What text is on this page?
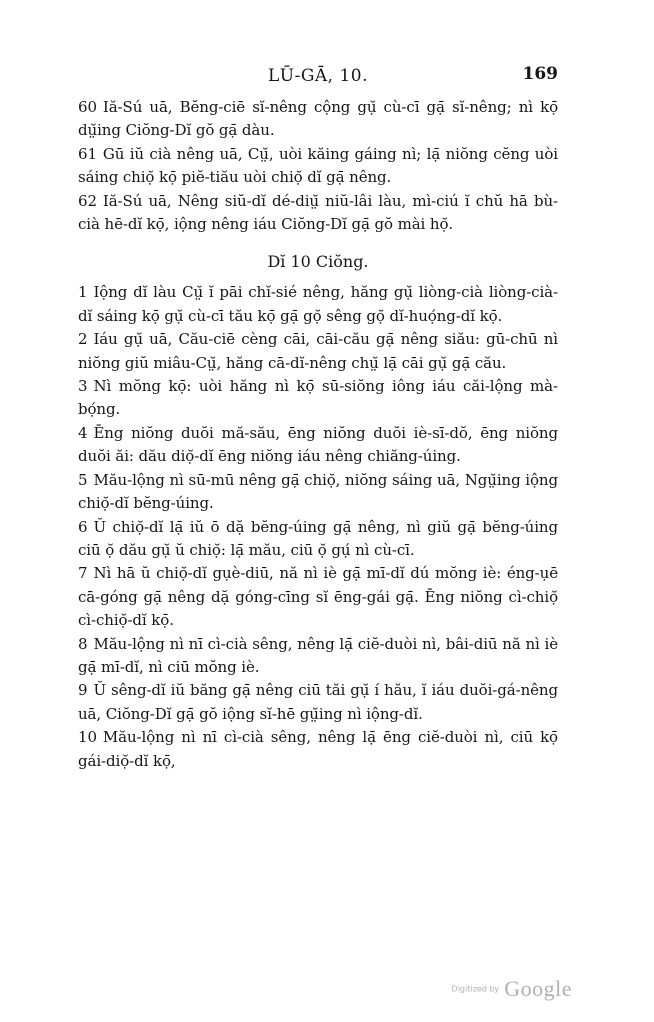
LŪ-GĀ, 10.	169

60 Iă-Sú uā, Bĕng-ciē sĭ-nêng cộng gụ̆ cù-cī gạ̄ sĭ-nêng; nì kọ̄ dṳ̆ing Ciŏng-Dĭ gŏ gạ̄ dàu.

61 Gū iŭ cià nêng uā, Cṳ̆, uòi kăing gáing nì; lạ̄ niŏng cĕng uòi sáing chiọ̆ kọ̄ piĕ-tiău uòi chiọ̆ dĭ gạ̄ nêng.

62 Iă-Sú uā, Nêng siŭ-dĭ dé-diṳ̆ niŭ-lâi làu, mì-ciú ĭ chŭ hā bù-cià hē-dĭ kọ̄, iộng nêng iáu Ciŏng-Dĭ gạ̄ gŏ mài họ̆.

Dĭ 10 Ciŏng.

1 Iộng dĭ làu Cṳ̆ ĭ pāi chĭ-sié nêng, hăng gụ̆ liòng-cià liòng-cià-dĭ sáing kọ̄ gụ̆ cù-cī tău kọ̄ gạ̄ gọ̆ sêng gọ̆ dĭ-huọ́ng-dĭ kọ̄.

2 Iáu gụ̆ uā, Cău-ciē cèng cāi, cāi-cău gạ̄ nêng siău: gū-chū nì niŏng giŭ miâu-Cṳ̆, hăng cā-dĭ-nêng chṳ̆ lạ̄ cāi gụ̆ gạ̄ cău.

3 Nì mŏng kọ̄: uòi hăng nì kọ̄ sū-siŏng iông iáu căi-lộng mà-bọ́ng.

4 Ēng niŏng duŏi mă-său, ēng niŏng duŏi iè-sī-dŏ, ēng niŏng duŏi ăi: dău diọ̆-dĭ ēng niŏng iáu nêng chiăng-úing.

5 Mău-lộng nì sū-mū nêng gạ̄ chiọ̆, niŏng sáing uā, Ngṳ̆ing iộng chiọ̆-dĭ bĕng-úing.

6 Ŭ chiọ̆-dĭ lạ̄ iŭ ō dặ bĕng-úing gạ̄ nêng, nì giŭ gạ̄ bĕng-úing ciū ọ̆ dău gụ̆ ŭ chiọ̆: lạ̄ mău, ciū ọ̆ gụ́ nì cù-cī.

7 Nì hā ŭ chiọ̆-dĭ gụè-diū, nă nì iè gạ̄ mī-dĭ dú mŏng iè: éng-ụē cā-góng gạ̄ nêng dặ góng-cīng sĭ ēng-gái gạ̄. Ēng niŏng cì-chiọ̆ cì-chiọ̆-dĭ kọ̄.

8 Mău-lộng nì nī cì-cià sêng, nêng lạ̄ ciĕ-duòi nì, bâi-diū nă nì iè gạ̄ mī-dĭ, nì ciū mŏng iè.

9 Ŭ sêng-dĭ iŭ băng gạ̄ nêng ciū tăi gụ̆ í hău, ĭ iáu duŏi-gá-nêng uā, Ciŏng-Dĭ gạ̄ gŏ iộng sĭ-hē gṳ̆ing nì iộng-dĭ.

10 Mău-lộng nì nī cì-cià sêng, nêng lạ̄ ēng ciĕ-duòi nì, ciū kọ̄ gái-diọ̆-dĭ kọ̄,

Digitized by Google
